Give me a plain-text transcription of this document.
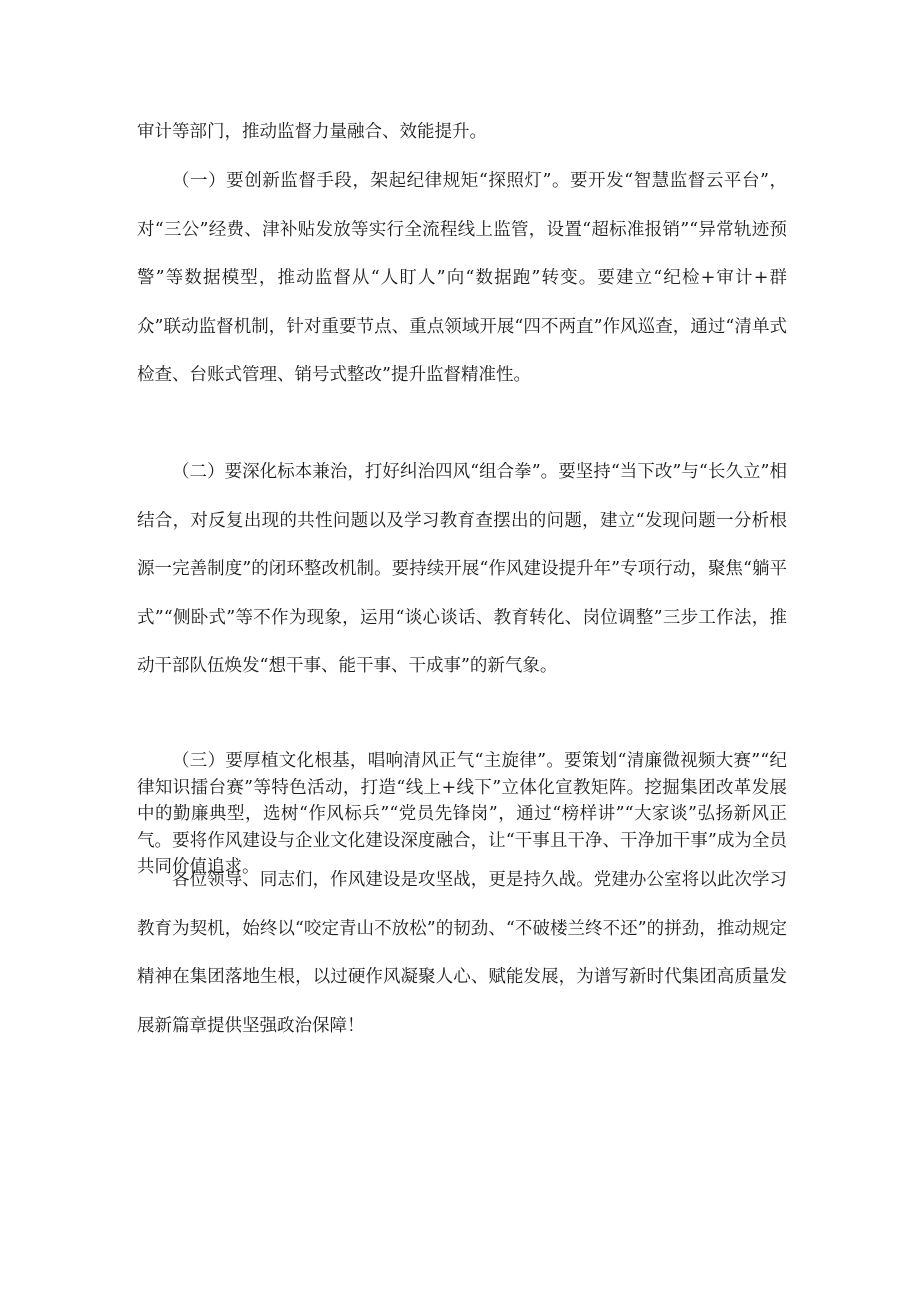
审计等部门，推动监督力量融合、效能提升。

（一）要创新监督手段，架起纪律规矩“探照灯”。要开发“智慧监督云平台”，对“三公”经费、津补贴发放等实行全流程线上监管，设置“超标准报销”“异常轨迹预警”等数据模型，推动监督从“人盯人”向“数据跑”转变。要建立“纪检+审计+群众”联动监督机制，针对重要节点、重点领域开展“四不两直”作风巡查，通过“清单式检查、台账式管理、销号式整改”提升监督精准性。

（二）要深化标本兼治，打好纠治四风“组合拳”。要坚持“当下改”与“长久立”相结合，对反复出现的共性问题以及学习教育查摆出的问题，建立“发现问题一分析根源一完善制度”的闭环整改机制。要持续开展“作风建设提升年”专项行动，聚焦“躺平式”“侧卧式”等不作为现象，运用“谈心谈话、教育转化、岗位调整”三步工作法，推动干部队伍焕发“想干事、能干事、干成事”的新气象。

（三）要厚植文化根基，唱响清风正气“主旋律”。要策划“清廉微视频大赛”“纪律知识擂台赛”等特色活动，打造“线上+线下”立体化宣教矩阵。挖掘集团改革发展中的勤廉典型，选树“作风标兵”“党员先锋岗”，通过“榜样讲”“大家谈”弘扬新风正气。要将作风建设与企业文化建设深度融合，让“干事且干净、干净加干事”成为全员共同价值追求。

各位领导、同志们，作风建设是攻坚战，更是持久战。党建办公室将以此次学习教育为契机，始终以“咬定青山不放松”的韧劲、“不破楼兰终不还”的拼劲，推动规定精神在集团落地生根，以过硬作风凝聚人心、赋能发展，为谱写新时代集团高质量发展新篇章提供坚强政治保障！
